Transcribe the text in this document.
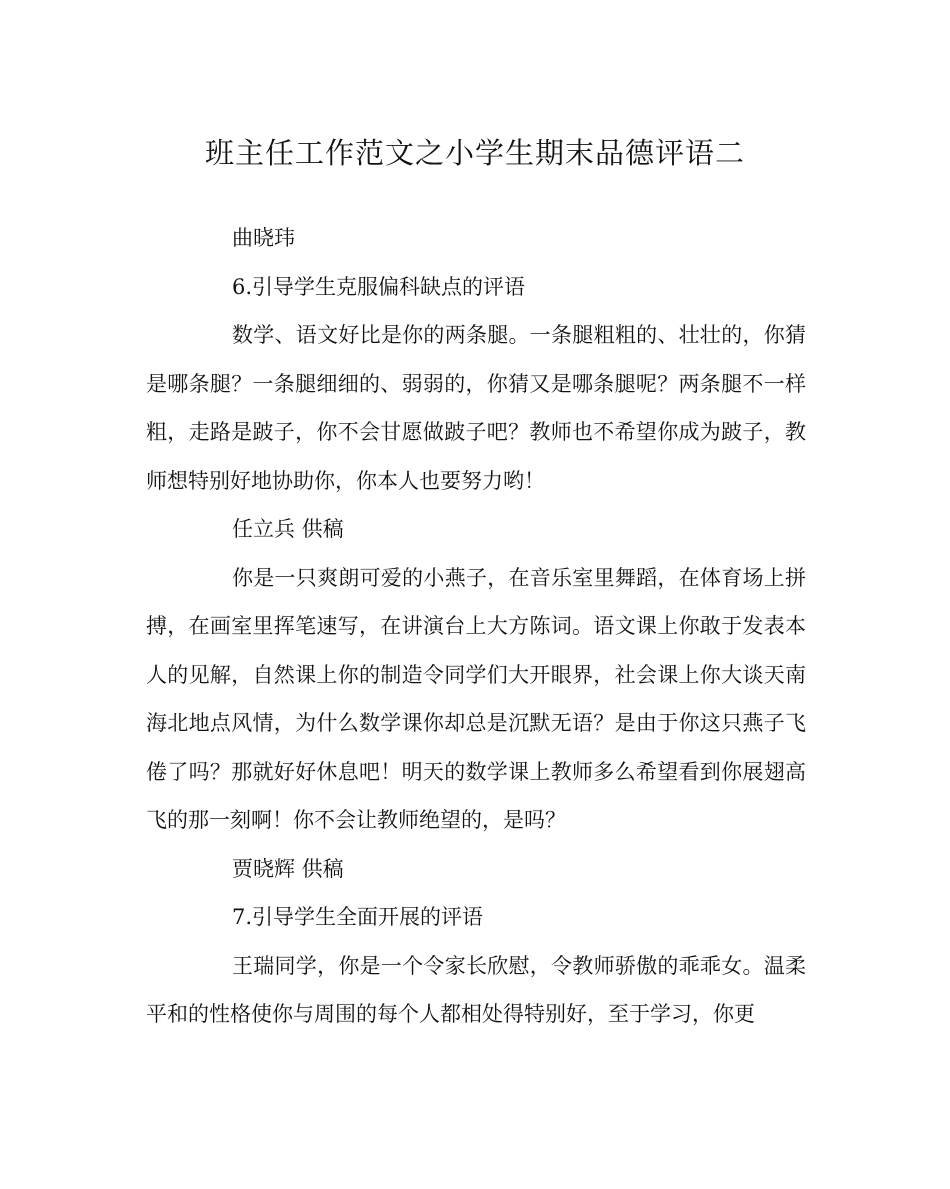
班主任工作范文之小学生期末品德评语二

曲晓玮

6.引导学生克服偏科缺点的评语

数学、语文好比是你的两条腿。一条腿粗粗的、壮壮的，你猜是哪条腿？一条腿细细的、弱弱的，你猜又是哪条腿呢？两条腿不一样粗，走路是跛子，你不会甘愿做跛子吧？教师也不希望你成为跛子，教师想特别好地协助你，你本人也要努力哟！

任立兵 供稿

你是一只爽朗可爱的小燕子，在音乐室里舞蹈，在体育场上拼搏，在画室里挥笔速写，在讲演台上大方陈词。语文课上你敢于发表本人的见解，自然课上你的制造令同学们大开眼界，社会课上你大谈天南海北地点风情，为什么数学课你却总是沉默无语？是由于你这只燕子飞倦了吗？那就好好休息吧！明天的数学课上教师多么希望看到你展翅高飞的那一刻啊！你不会让教师绝望的，是吗？

贾晓辉 供稿

7.引导学生全面开展的评语

王瑞同学，你是一个令家长欣慰，令教师骄傲的乖乖女。温柔平和的性格使你与周围的每个人都相处得特别好，至于学习，你更
